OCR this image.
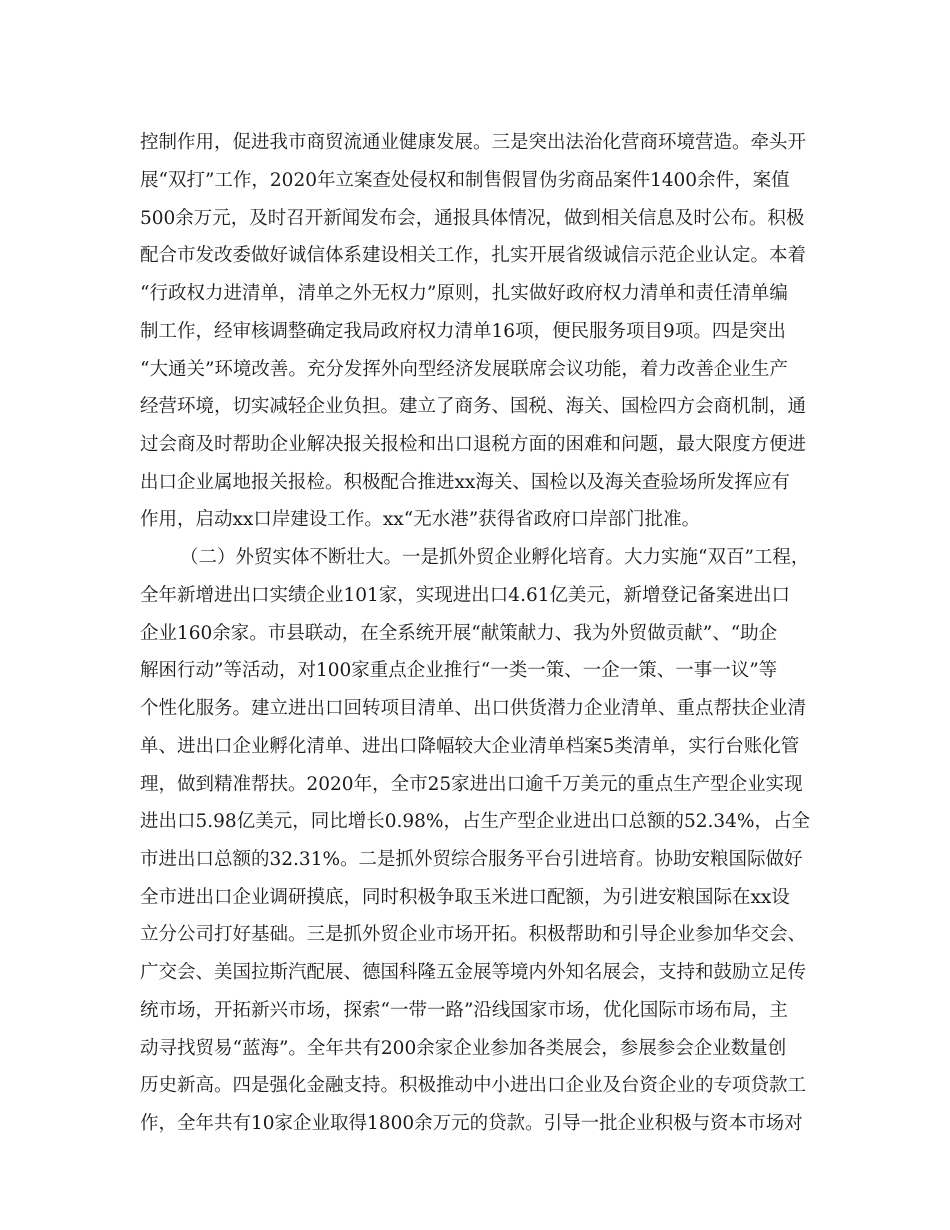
控制作用，促进我市商贸流通业健康发展。三是突出法治化营商环境营造。牵头开
展“双打”工作，2020年立案查处侵权和制售假冒伪劣商品案件1400余件，案值
500余万元，及时召开新闻发布会，通报具体情况，做到相关信息及时公布。积极
配合市发改委做好诚信体系建设相关工作，扎实开展省级诚信示范企业认定。本着
“行政权力进清单，清单之外无权力”原则，扎实做好政府权力清单和责任清单编
制工作，经审核调整确定我局政府权力清单16项，便民服务项目9项。四是突出
“大通关”环境改善。充分发挥外向型经济发展联席会议功能，着力改善企业生产
经营环境，切实减轻企业负担。建立了商务、国税、海关、国检四方会商机制，通
过会商及时帮助企业解决报关报检和出口退税方面的困难和问题，最大限度方便进
出口企业属地报关报检。积极配合推进xx海关、国检以及海关查验场所发挥应有
作用，启动xx口岸建设工作。xx“无水港”获得省政府口岸部门批准。
（二）外贸实体不断壮大。一是抓外贸企业孵化培育。大力实施“双百”工程，
全年新增进出口实绩企业101家，实现进出口4.61亿美元，新增登记备案进出口
企业160余家。市县联动，在全系统开展“献策献力、我为外贸做贡献”、“助企
解困行动”等活动，对100家重点企业推行“一类一策、一企一策、一事一议”等
个性化服务。建立进出口回转项目清单、出口供货潜力企业清单、重点帮扶企业清
单、进出口企业孵化清单、进出口降幅较大企业清单档案5类清单，实行台账化管
理，做到精准帮扶。2020年，全市25家进出口逾千万美元的重点生产型企业实现
进出口5.98亿美元，同比增长0.98%，占生产型企业进出口总额的52.34%，占全
市进出口总额的32.31%。二是抓外贸综合服务平台引进培育。协助安粮国际做好
全市进出口企业调研摸底，同时积极争取玉米进口配额，为引进安粮国际在xx设
立分公司打好基础。三是抓外贸企业市场开拓。积极帮助和引导企业参加华交会、
广交会、美国拉斯汽配展、德国科隆五金展等境内外知名展会，支持和鼓励立足传
统市场，开拓新兴市场，探索“一带一路”沿线国家市场，优化国际市场布局，主
动寻找贸易“蓝海”。全年共有200余家企业参加各类展会，参展参会企业数量创
历史新高。四是强化金融支持。积极推动中小进出口企业及台资企业的专项贷款工
作，全年共有10家企业取得1800余万元的贷款。引导一批企业积极与资本市场对
